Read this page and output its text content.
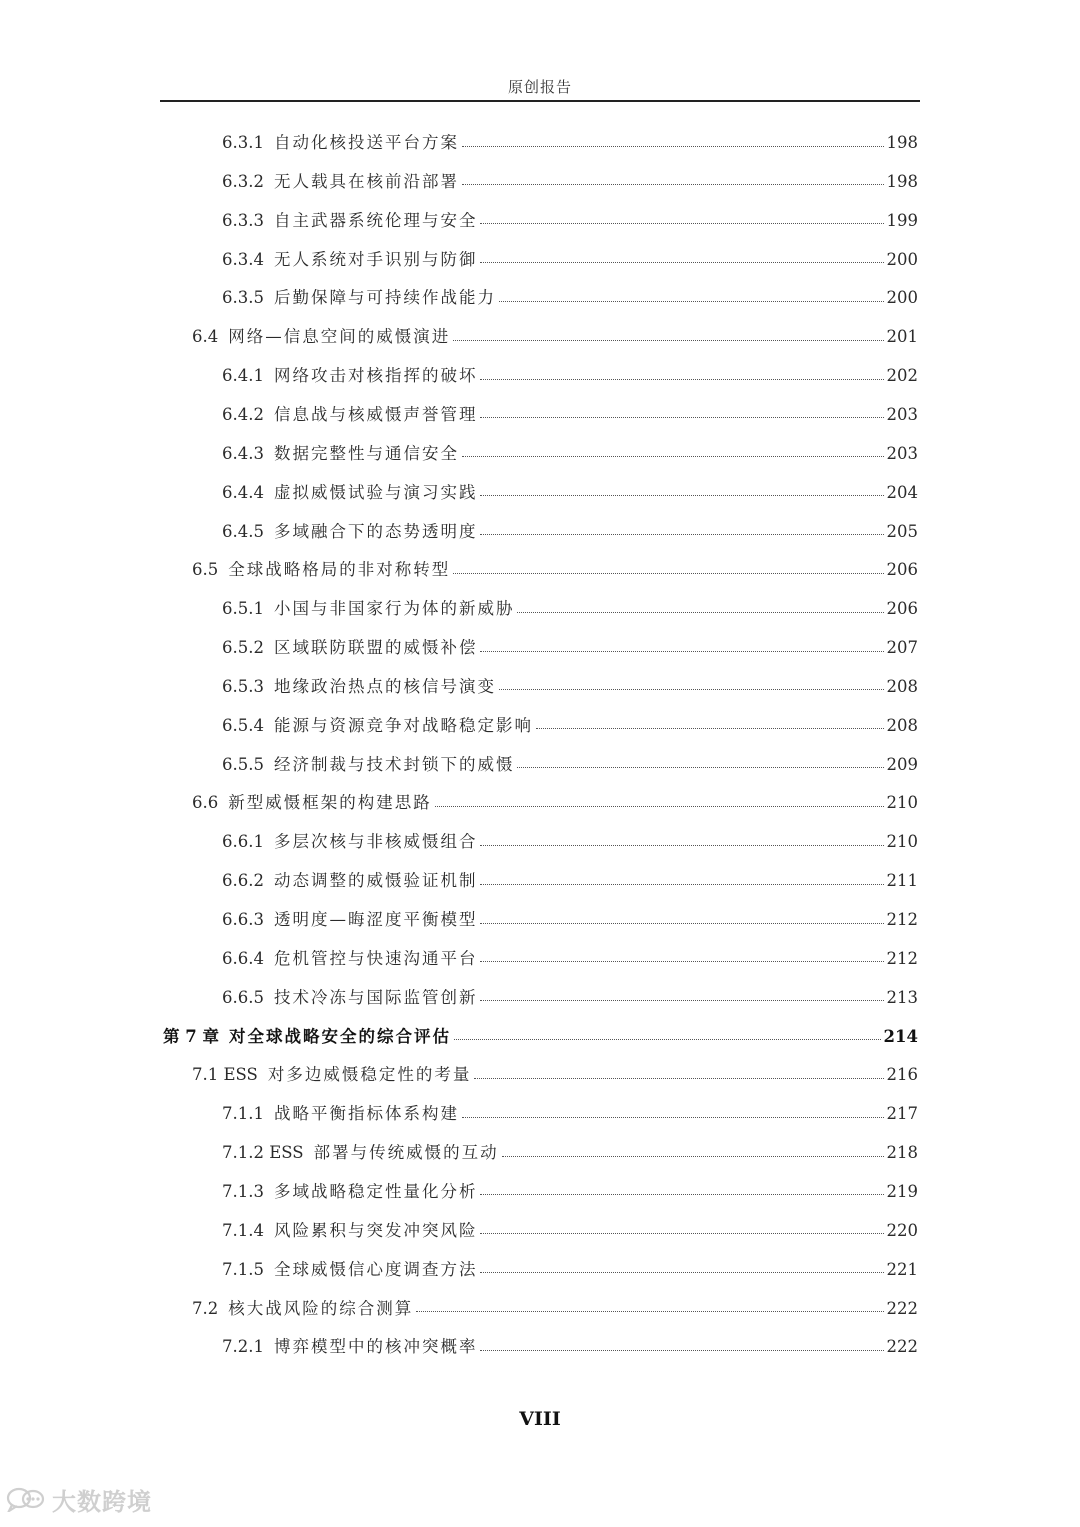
原创报告
6.3.1 自动化核投送平台方案	198
6.3.2 无人载具在核前沿部署	198
6.3.3 自主武器系统伦理与安全	199
6.3.4 无人系统对手识别与防御	200
6.3.5 后勤保障与可持续作战能力	200
6.4 网络—信息空间的威慑演进	201
6.4.1 网络攻击对核指挥的破坏	202
6.4.2 信息战与核威慑声誉管理	203
6.4.3 数据完整性与通信安全	203
6.4.4 虚拟威慑试验与演习实践	204
6.4.5 多域融合下的态势透明度	205
6.5 全球战略格局的非对称转型	206
6.5.1 小国与非国家行为体的新威胁	206
6.5.2 区域联防联盟的威慑补偿	207
6.5.3 地缘政治热点的核信号演变	208
6.5.4 能源与资源竞争对战略稳定影响	208
6.5.5 经济制裁与技术封锁下的威慑	209
6.6 新型威慑框架的构建思路	210
6.6.1 多层次核与非核威慑组合	210
6.6.2 动态调整的威慑验证机制	211
6.6.3 透明度—晦涩度平衡模型	212
6.6.4 危机管控与快速沟通平台	212
6.6.5 技术冷冻与国际监管创新	213
第 7 章 对全球战略安全的综合评估	214
7.1 ESS 对多边威慑稳定性的考量	216
7.1.1 战略平衡指标体系构建	217
7.1.2 ESS 部署与传统威慑的互动	218
7.1.3 多域战略稳定性量化分析	219
7.1.4 风险累积与突发冲突风险	220
7.1.5 全球威慑信心度调查方法	221
7.2 核大战风险的综合测算	222
7.2.1 博弈模型中的核冲突概率	222
VIII
大数跨境
